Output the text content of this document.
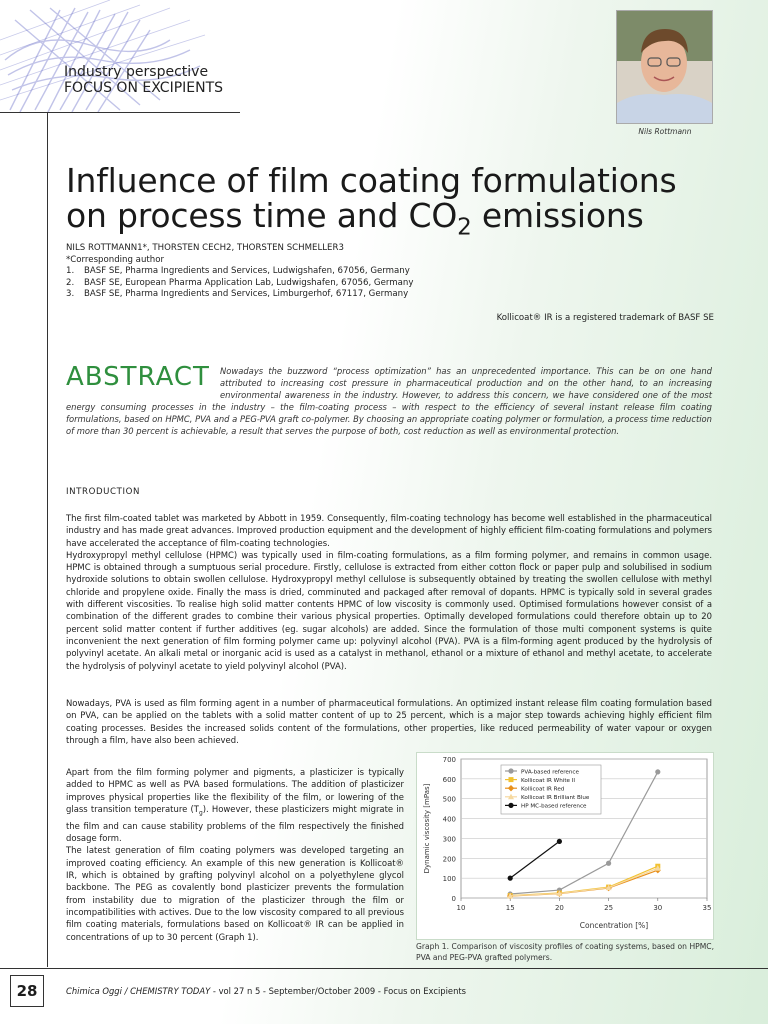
Industry perspective
FOCUS ON EXCIPIENTS
Nils Rottmann
Influence of film coating formulations
on process time and $CO_2$ emissions
NILS ROTTMANN1*, THORSTEN CECH2, THORSTEN SCHMELLER3
*Corresponding author
1. BASF SE, Pharma Ingredients and Services, Ludwigshafen, 67056, Germany
2. BASF SE, European Pharma Application Lab, Ludwigshafen, 67056, Germany
3. BASF SE, Pharma Ingredients and Services, Limburgerhof, 67117, Germany
Kollicoat® IR is a registered trademark of BASF SE
ABSTRACT	Nowadays the buzzword “process optimization” has an unprecedented importance. This can be on one hand attributed to increasing cost pressure in pharmaceutical production and on the other hand, to an increasing environmental awareness in the industry. However, to address this concern, we have considered one of the most energy consuming processes in the industry – the film-coating process – with respect to the efficiency of several instant release film coating formulations, based on HPMC, PVA and a PEG-PVA graft co-polymer. By choosing an appropriate coating polymer or formulation, a process time reduction of more than 30 percent is achievable, a result that serves the purpose of both, cost reduction as well as environmental protection.
INTRODUCTION

The first film-coated tablet was marketed by Abbott in 1959. Consequently, film-coating technology has become well established in the pharmaceutical industry and has made great advances. Improved production equipment and the development of highly efficient film-coating formulations and polymers have accelerated the acceptance of film-coating technologies.

Hydroxypropyl methyl cellulose (HPMC) was typically used in film-coating formulations, as a film forming polymer, and remains in common usage. HPMC is obtained through a sumptuous serial procedure. Firstly, cellulose is extracted from either cotton flock or paper pulp and solubilised in sodium hydroxide solutions to obtain swollen cellulose. Hydroxypropyl methyl cellulose is subsequently obtained by treating the swollen cellulose with methyl chloride and propylene oxide. Finally the mass is dried, comminuted and packaged after removal of dopants. HPMC is typically sold in several grades with different viscosities. To realise high solid matter contents HPMC of low viscosity is commonly used. Optimised formulations however consist of a combination of the different grades to combine their various physical properties. Optimally developed formulations could therefore obtain up to 20 percent solid matter content if further additives (eg. sugar alcohols) are added. Since the formulation of those multi component systems is quite inconvenient the next generation of film forming polymer came up: polyvinyl alcohol (PVA). PVA is a film-forming agent produced by the hydrolysis of polyvinyl acetate. An alkali metal or inorganic acid is used as a catalyst in methanol, ethanol or a mixture of ethanol and methyl acetate, to accelerate the hydrolysis of polyvinyl acetate to yield polyvinyl alcohol (PVA).

Nowadays, PVA is used as film forming agent in a number of pharmaceutical formulations. An optimized instant release film coating formulation based on PVA, can be applied on the tablets with a solid matter content of up to 25 percent, which is a major step towards achieving highly efficient film coating processes. Besides the increased solids content of the formulations, other properties, like reduced permeability of water vapour or oxygen through a film, have also been achieved.

Apart from the film forming polymer and pigments, a plasticizer is typically added to HPMC as well as PVA based formulations. The addition of plasticizer improves physical properties like the flexibility of the film, or lowering of the glass transition temperature $(T_g)$. However, these plasticizers might migrate in the film and can cause stability problems of the film respectively the finished dosage form.

The latest generation of film coating polymers was developed targeting an improved coating efficiency. An example of this new generation is Kollicoat® IR, which is obtained by grafting polyvinyl alcohol on a polyethylene glycol backbone. The PEG as covalently bond plasticizer prevents the formulation from instability due to migration of the plasticizer through the film or incompatibilities with actives. Due to the low viscosity compared to all previous film coating materials, formulations based on Kollicoat® IR can be applied in concentrations of up to 30 percent (Graph 1).

0
100
200
300
400
500
600
700
10	15	20	25	30	35
Concentration [%]
Dynamic viscosity [mPas]
PVA-based reference
Kollicoat IR White II
Kollicoat IR Red
Kollicoat IR Brilliant Blue
HP MC-based reference
Graph 1. Comparison of viscosity profiles of coating systems, based on HPMC, PVA and PEG-PVA grafted polymers.
28	Chimica Oggi / CHEMISTRY TODAY - vol 27 n 5 - September/October 2009 - Focus on Excipients
